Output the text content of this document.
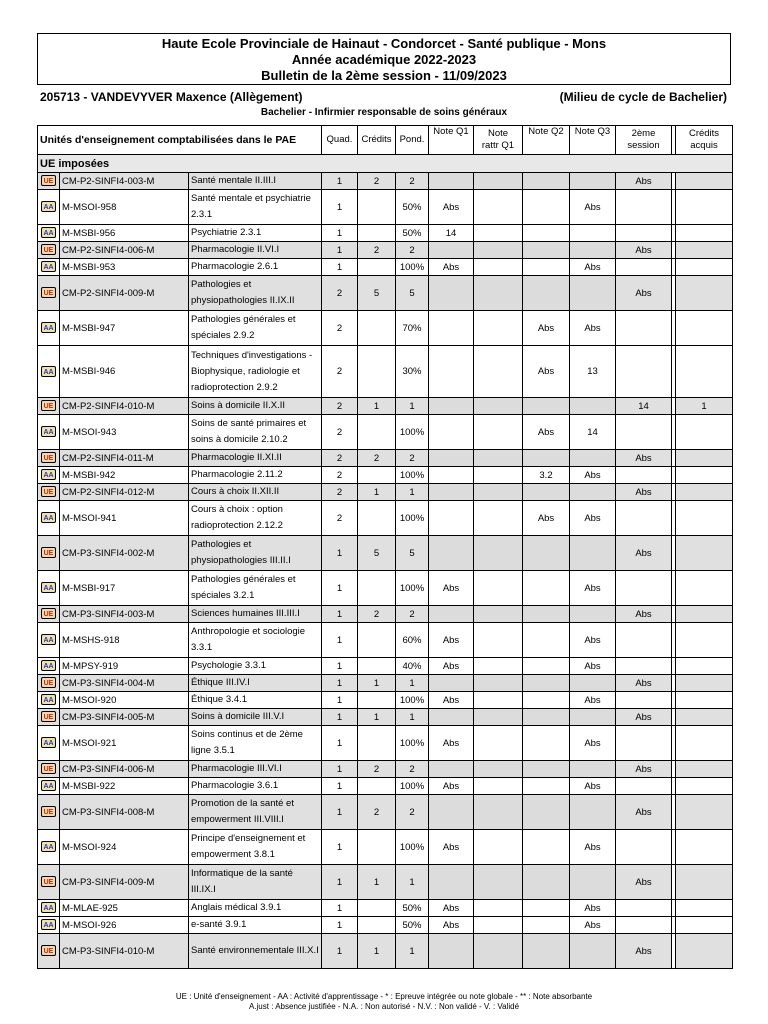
Haute Ecole Provinciale de Hainaut - Condorcet - Santé publique - Mons
Année académique 2022-2023
Bulletin de la 2ème session - 11/09/2023
205713 - VANDEVYVER Maxence (Allègement)	(Milieu de cycle de Bachelier)
Bachelier - Infirmier responsable de soins généraux
Unités d'enseignement comptabilisées dans le PAE			Quad.	Crédits	Pond.	Note Q1	Note
rattr Q1	Note Q2	Note Q3	2ème
session		Crédits
acquis
UE imposées												
UE	CM-P2-SINFI4-003-M	Santé mentale II.III.I	1	2	2					Abs		
AA	M-MSOI-958	Santé mentale et psychiatrie 2.3.1	1		50%	Abs			Abs			
AA	M-MSBI-956	Psychiatrie 2.3.1	1		50%	14						
UE	CM-P2-SINFI4-006-M	Pharmacologie II.VI.I	1	2	2					Abs		
AA	M-MSBI-953	Pharmacologie 2.6.1	1		100%	Abs			Abs			
UE	CM-P2-SINFI4-009-M	Pathologies et physiopathologies II.IX.II	2	5	5					Abs		
AA	M-MSBI-947	Pathologies générales et spéciales 2.9.2	2		70%			Abs	Abs			
AA	M-MSBI-946	Techniques d'investigations - Biophysique, radiologie et radioprotection 2.9.2	2		30%			Abs	13			
UE	CM-P2-SINFI4-010-M	Soins à domicile II.X.II	2	1	1					14		1
AA	M-MSOI-943	Soins de santé primaires et soins à domicile 2.10.2	2		100%			Abs	14			
UE	CM-P2-SINFI4-011-M	Pharmacologie II.XI.II	2	2	2					Abs		
AA	M-MSBI-942	Pharmacologie 2.11.2	2		100%			3.2	Abs			
UE	CM-P2-SINFI4-012-M	Cours à choix II.XII.II	2	1	1					Abs		
AA	M-MSOI-941	Cours à choix : option radioprotection 2.12.2	2		100%			Abs	Abs			
UE	CM-P3-SINFI4-002-M	Pathologies et physiopathologies III.II.I	1	5	5					Abs		
AA	M-MSBI-917	Pathologies générales et spéciales 3.2.1	1		100%	Abs			Abs			
UE	CM-P3-SINFI4-003-M	Sciences humaines III.III.I	1	2	2					Abs		
AA	M-MSHS-918	Anthropologie et sociologie 3.3.1	1		60%	Abs			Abs			
AA	M-MPSY-919	Psychologie 3.3.1	1		40%	Abs			Abs			
UE	CM-P3-SINFI4-004-M	Éthique III.IV.I	1	1	1					Abs		
AA	M-MSOI-920	Éthique 3.4.1	1		100%	Abs			Abs			
UE	CM-P3-SINFI4-005-M	Soins à domicile III.V.I	1	1	1					Abs		
AA	M-MSOI-921	Soins continus et de 2ème ligne 3.5.1	1		100%	Abs			Abs			
UE	CM-P3-SINFI4-006-M	Pharmacologie III.VI.I	1	2	2					Abs		
AA	M-MSBI-922	Pharmacologie 3.6.1	1		100%	Abs			Abs			
UE	CM-P3-SINFI4-008-M	Promotion de la santé et empowerment III.VIII.I	1	2	2					Abs		
AA	M-MSOI-924	Principe d'enseignement et empowerment 3.8.1	1		100%	Abs			Abs			
UE	CM-P3-SINFI4-009-M	Informatique de la santé III.IX.I	1	1	1					Abs		
AA	M-MLAE-925	Anglais médical 3.9.1	1		50%	Abs			Abs			
AA	M-MSOI-926	e-santé 3.9.1	1		50%	Abs			Abs			
UE	CM-P3-SINFI4-010-M	Santé environnementale III.X.I	1	1	1					Abs		
UE : Unité d'enseignement - AA : Activité d'apprentissage - * : Epreuve intégrée ou note globale - ** : Note absorbante
A.just : Absence justifiée - N.A. : Non autorisé - N.V. : Non validé - V. : Validé
